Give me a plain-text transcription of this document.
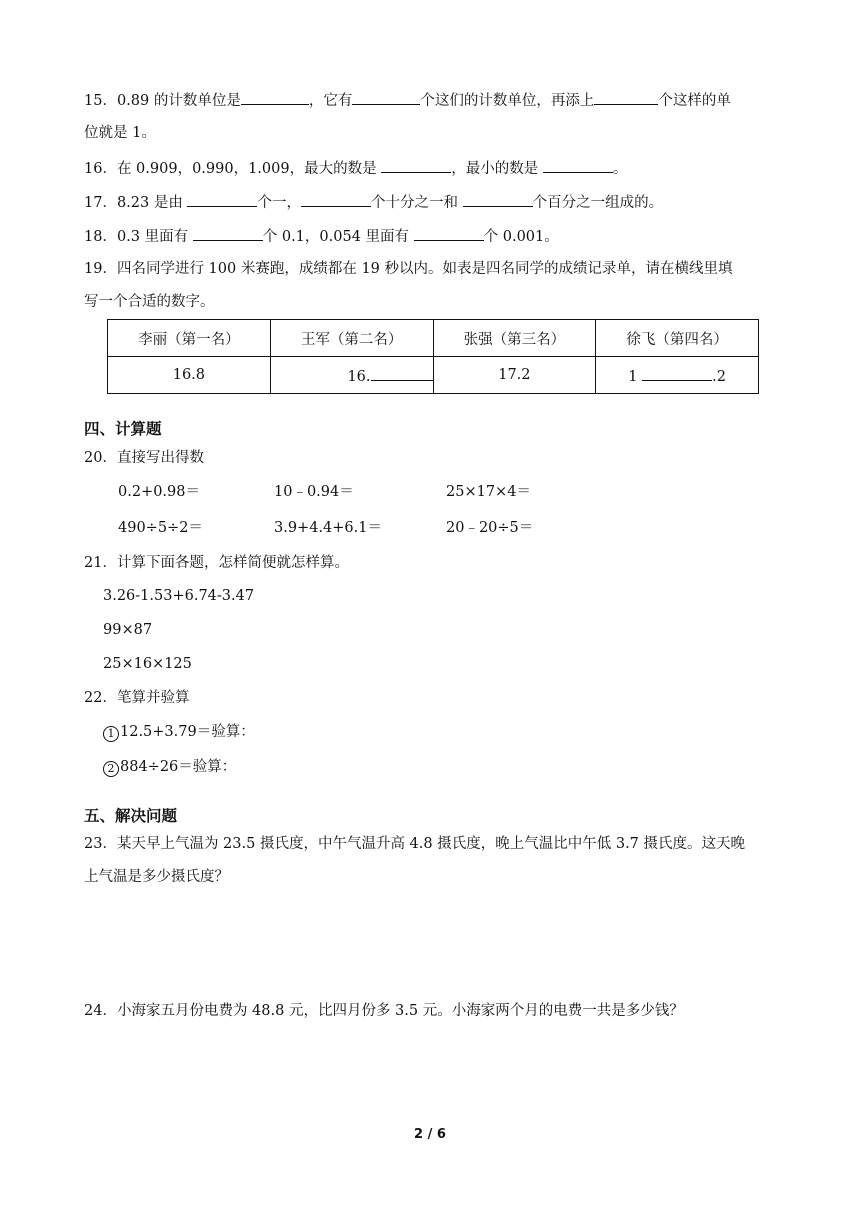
15．0.89 的计数单位是	，它有	个这们的计数单位，再添上	个这样的单
位就是 1。
16．在 0.909，0.990，1.009，最大的数是	，最小的数是	。
17．8.23 是由	个一，	个十分之一和	个百分之一组成的。
18．0.3 里面有	个 0.1，0.054 里面有	个 0.001。
19．四名同学进行 100 米赛跑，成绩都在 19 秒以内。如表是四名同学的成绩记录单，请在横线里填
写一个合适的数字。
李丽（第一名）	王军（第二名）	张强（第三名）	徐飞（第四名）
16.8	16.	17.2	1 .2
四、计算题
20．直接写出得数
0.2+0.98＝	10﹣0.94＝	25×17×4＝
490÷5÷2＝	3.9+4.4+6.1＝	20﹣20÷5＝
21．计算下面各题，怎样简便就怎样算。
3.26-1.53+6.74-3.47
99×87
25×16×125
22．笔算并验算
1 12.5+3.79＝验算：
2 884÷26＝验算：
五、解决问题
23．某天早上气温为 23.5 摄氏度，中午气温升高 4.8 摄氏度，晚上气温比中午低 3.7 摄氏度。这天晚
上气温是多少摄氏度？
24．小海家五月份电费为 48.8 元，比四月份多 3.5 元。小海家两个月的电费一共是多少钱？
2 / 6
